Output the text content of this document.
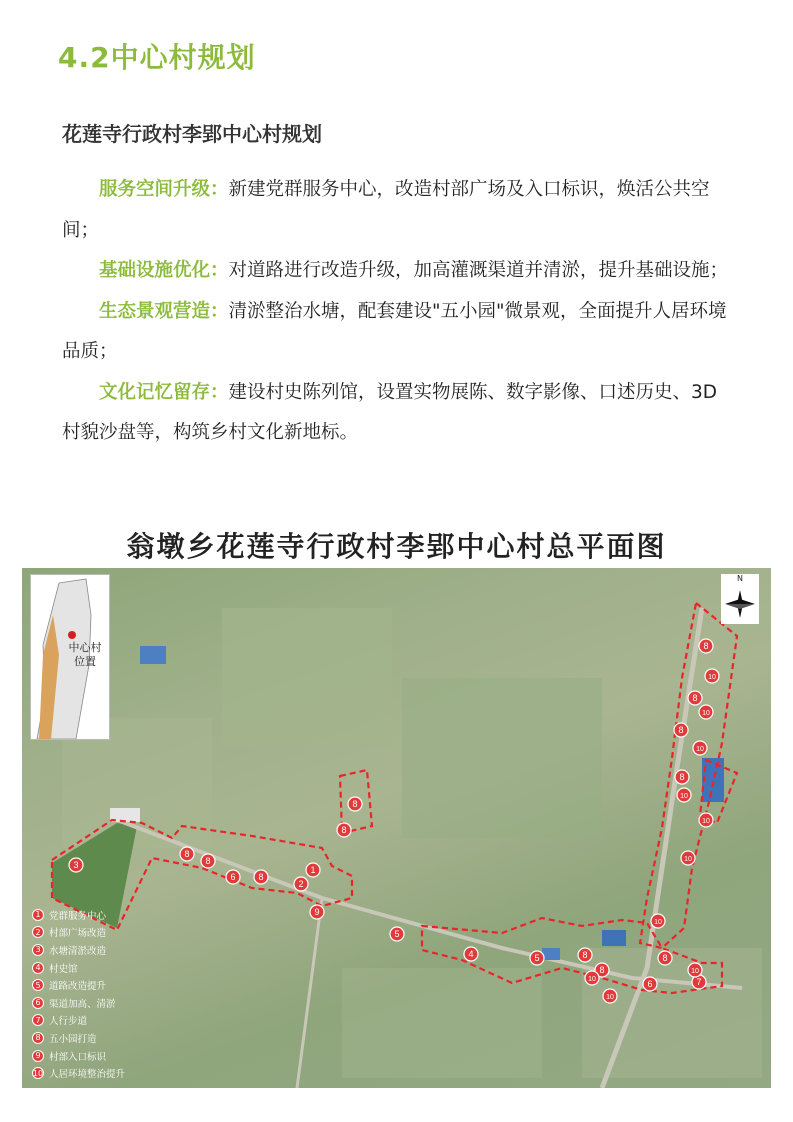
4.2中心村规划
花莲寺行政村李郢中心村规划

服务空间升级：新建党群服务中心，改造村部广场及入口标识，焕活公共空间；

基础设施优化：对道路进行改造升级，加高灌溉渠道并清淤，提升基础设施；

生态景观营造：清淤整治水塘，配套建设"五小园"微景观，全面提升人居环境品质；

文化记忆留存：建设村史陈列馆，设置实物展陈、数字影像、口述历史、3D村貌沙盘等，构筑乡村文化新地标。

翁墩乡花莲寺行政村李郢中心村总平面图
1
2
3
4
5
5
6
6	7
8
8
8
8
8
8
8
8
8
8
8
8
9
10
10
10
10
10
10
10
10
10
10
中心村
位置
N
1 党群服务中心
2 村部广场改造
3 水塘清淤改造
4 村史馆
5 道路改造提升
6 渠道加高、清淤
7 人行步道
8 五小园打造
9 村部入口标识
10 人居环境整治提升
